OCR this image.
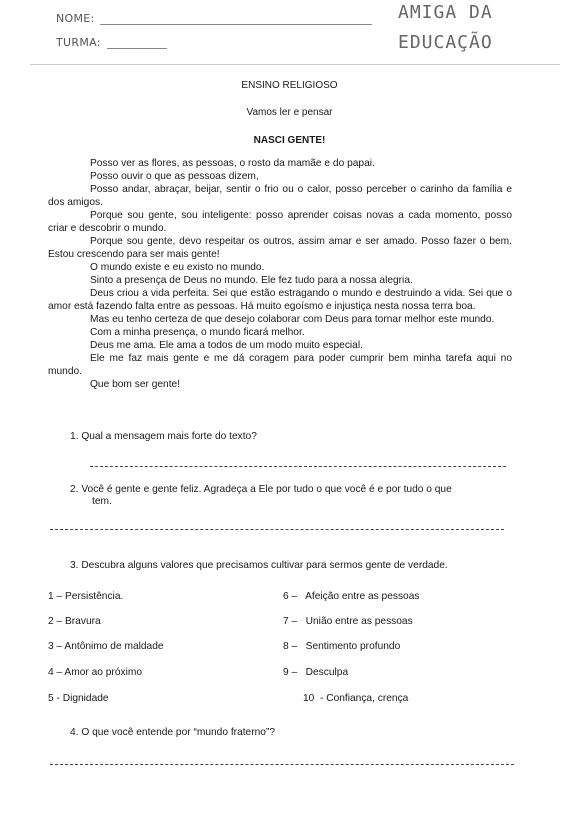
NOME:
TURMA:
AMIGA DA
EDUCAÇÃO
ENSINO RELIGIOSO
Vamos ler e pensar
NASCI GENTE!

Posso ver as flores, as pessoas, o rosto da mamãe e do papai.

Posso ouvir o que as pessoas dizem,

Posso andar, abraçar, beijar, sentir o frio ou o calor, posso perceber o carinho da família e dos amigos.

Porque sou gente, sou inteligente: posso aprender coisas novas a cada momento, posso criar e descobrir o mundo.

Porque sou gente, devo respeitar os outros, assim amar e ser amado. Posso fazer o bem. Estou crescendo para ser mais gente!

O mundo existe e eu existo no mundo.

Sinto a presença de Deus no mundo. Ele fez tudo para a nossa alegria.

Deus criou a vida perfeita. Sei que estão estragando o mundo e destruindo a vida. Sei que o amor está fazendo falta entre as pessoas. Há muito egoísmo e injustiça nesta nossa terra boa.

Mas eu tenho certeza de que desejo colaborar com Deus para tornar melhor este mundo.

Com a minha presença, o mundo ficará melhor.

Deus me ama. Ele ama a todos de um modo muito especial.

Ele me faz mais gente e me dá coragem para poder cumprir bem minha tarefa aqui no mundo.

Que bom ser gente!

1. Qual a mensagem mais forte do texto?
2. Você é gente e gente feliz. Agradeça a Ele por tudo o que você é e por tudo o que
tem.
3. Descubra alguns valores que precisamos cultivar para sermos gente de verdade.
1 – Persistência.
2 – Bravura
3 – Antônimo de maldade
4 – Amor ao próximo
5 - Dignidade
6 –   Afeição entre as pessoas
7 –   União entre as pessoas
8 –   Sentimento profundo
9 –   Desculpa
10  - Confiança, crença
4. O que você entende por “mundo fraterno”?
